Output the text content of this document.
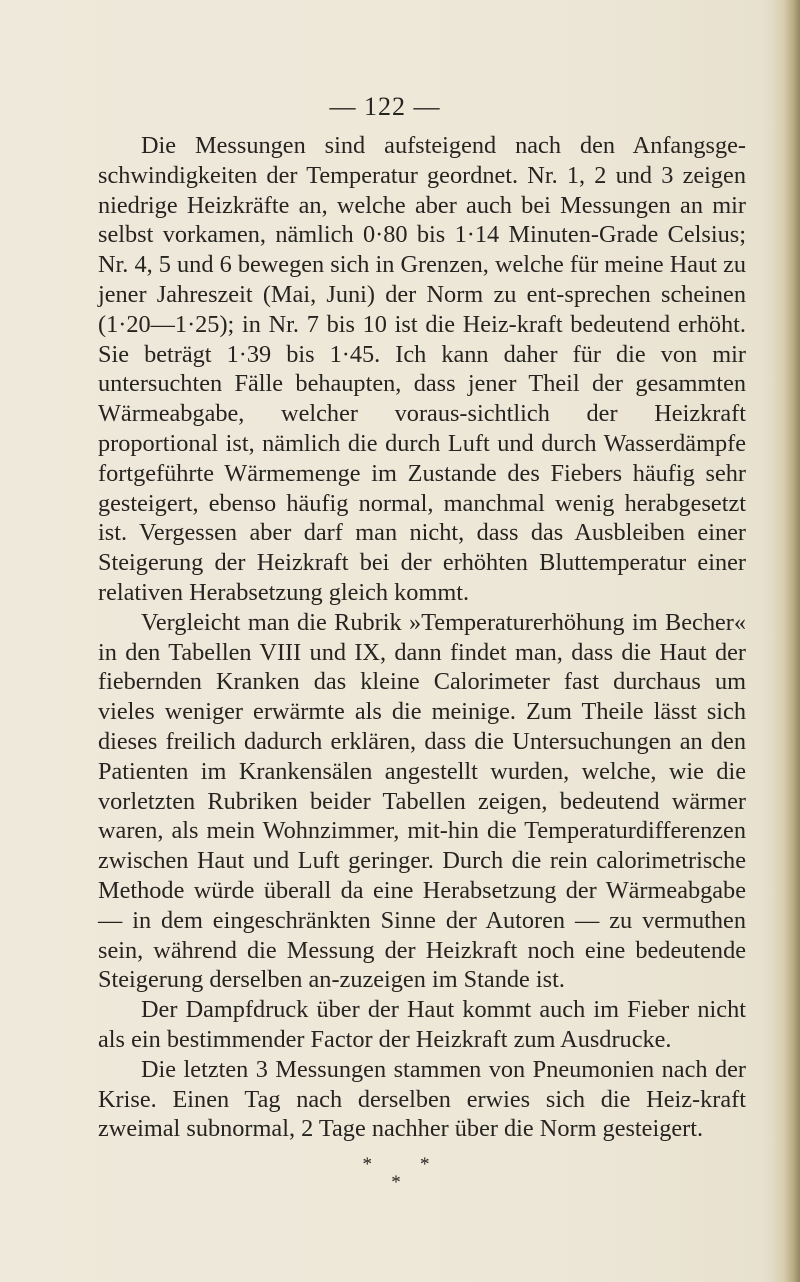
— 122 —

Die Messungen sind aufsteigend nach den Anfangsge-schwindigkeiten der Temperatur geordnet. Nr. 1, 2 und 3 zeigen niedrige Heizkräfte an, welche aber auch bei Messungen an mir selbst vorkamen, nämlich 0·80 bis 1·14 Minuten-Grade Celsius; Nr. 4, 5 und 6 bewegen sich in Grenzen, welche für meine Haut zu jener Jahreszeit (Mai, Juni) der Norm zu ent-sprechen scheinen (1·20—1·25); in Nr. 7 bis 10 ist die Heiz-kraft bedeutend erhöht. Sie beträgt 1·39 bis 1·45. Ich kann daher für die von mir untersuchten Fälle behaupten, dass jener Theil der gesammten Wärmeabgabe, welcher voraus-sichtlich der Heizkraft proportional ist, nämlich die durch Luft und durch Wasserdämpfe fortgeführte Wärmemenge im Zustande des Fiebers häufig sehr gesteigert, ebenso häufig normal, manchmal wenig herabgesetzt ist. Vergessen aber darf man nicht, dass das Ausbleiben einer Steigerung der Heizkraft bei der erhöhten Bluttemperatur einer relativen Herabsetzung gleich kommt.

Vergleicht man die Rubrik »Temperaturerhöhung im Becher« in den Tabellen VIII und IX, dann findet man, dass die Haut der fiebernden Kranken das kleine Calorimeter fast durchaus um vieles weniger erwärmte als die meinige. Zum Theile lässt sich dieses freilich dadurch erklären, dass die Untersuchungen an den Patienten im Krankensälen angestellt wurden, welche, wie die vorletzten Rubriken beider Tabellen zeigen, bedeutend wärmer waren, als mein Wohnzimmer, mit-hin die Temperaturdifferenzen zwischen Haut und Luft geringer. Durch die rein calorimetrische Methode würde überall da eine Herabsetzung der Wärmeabgabe — in dem eingeschränkten Sinne der Autoren — zu vermuthen sein, während die Messung der Heizkraft noch eine bedeutende Steigerung derselben an-zuzeigen im Stande ist.

Der Dampfdruck über der Haut kommt auch im Fieber nicht als ein bestimmender Factor der Heizkraft zum Ausdrucke.

Die letzten 3 Messungen stammen von Pneumonien nach der Krise. Einen Tag nach derselben erwies sich die Heiz-kraft zweimal subnormal, 2 Tage nachher über die Norm gesteigert.

*	*
*
